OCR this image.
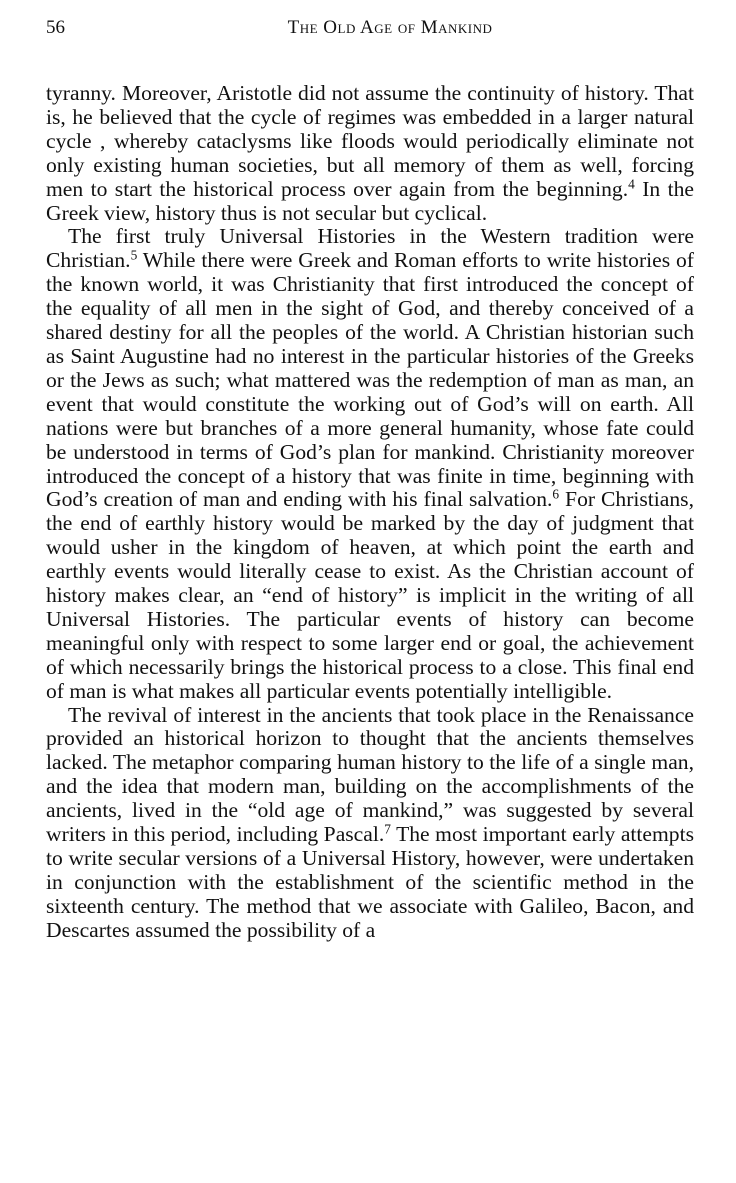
56	The Old Age of Mankind

tyranny. Moreover, Aristotle did not assume the continuity of history. That is, he believed that the cycle of regimes was embedded in a larger natural cycle , whereby cataclysms like floods would periodically eliminate not only existing human societies, but all memory of them as well, forcing men to start the historical process over again from the beginning.$^4$ In the Greek view, history thus is not secular but cyclical.

The first truly Universal Histories in the Western tradition were Christian.$^5$ While there were Greek and Roman efforts to write histories of the known world, it was Christianity that first introduced the concept of the equality of all men in the sight of God, and thereby conceived of a shared destiny for all the peoples of the world. A Christian historian such as Saint Augustine had no interest in the particular histories of the Greeks or the Jews as such; what mattered was the redemption of man as man, an event that would constitute the working out of God’s will on earth. All nations were but branches of a more general humanity, whose fate could be understood in terms of God’s plan for mankind. Christianity moreover introduced the concept of a history that was finite in time, beginning with God’s creation of man and ending with his final salvation.$^6$ For Christians, the end of earthly history would be marked by the day of judgment that would usher in the kingdom of heaven, at which point the earth and earthly events would literally cease to exist. As the Christian account of history makes clear, an “end of history” is implicit in the writing of all Universal Histories. The particular events of history can become meaningful only with respect to some larger end or goal, the achievement of which necessarily brings the historical process to a close. This final end of man is what makes all particular events potentially intelligible.

The revival of interest in the ancients that took place in the Renaissance provided an historical horizon to thought that the ancients themselves lacked. The metaphor comparing human history to the life of a single man, and the idea that modern man, building on the accomplishments of the ancients, lived in the “old age of mankind,” was suggested by several writers in this period, including Pascal.$^7$ The most important early attempts to write secular versions of a Universal History, however, were undertaken in conjunction with the establishment of the scientific method in the sixteenth century. The method that we associate with Galileo, Bacon, and Descartes assumed the possibility of a
